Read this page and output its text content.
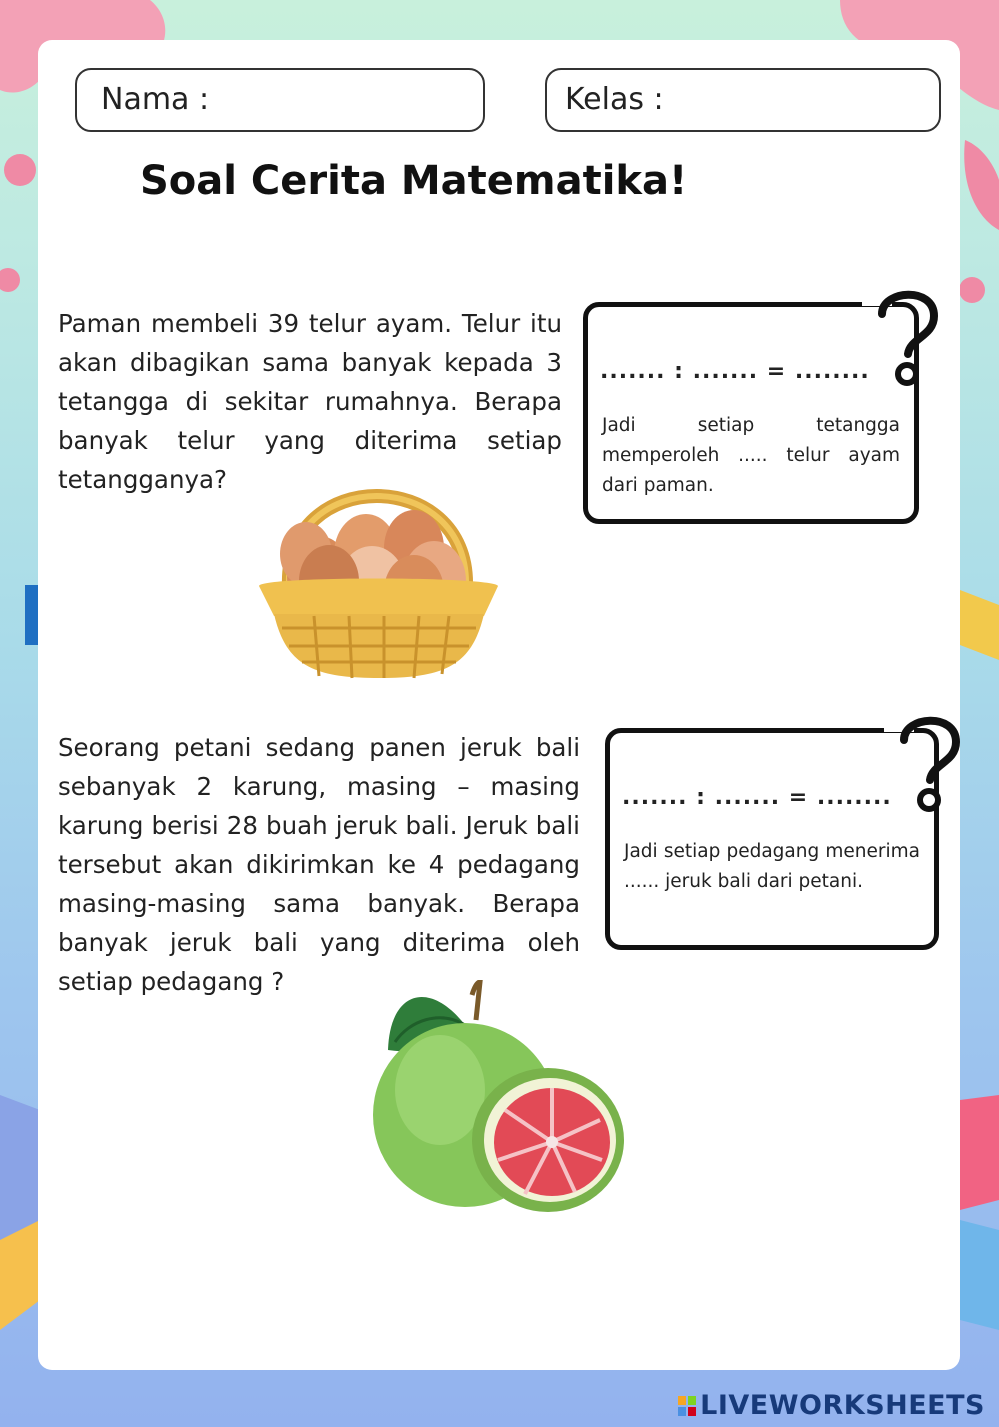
Nama :	Kelas :
Soal Cerita Matematika!
Paman membeli 39 telur ayam. Telur itu akan dibagikan sama banyak kepada 3 tetangga di sekitar rumahnya. Berapa banyak telur yang diterima setiap tetangganya?
....... : ....... = ........
Jadi setiap tetangga memperoleh ..... telur ayam dari paman.
Seorang petani sedang panen jeruk bali sebanyak 2 karung, masing – masing karung berisi 28 buah jeruk bali. Jeruk bali tersebut akan dikirimkan ke 4 pedagang masing-masing sama banyak. Berapa banyak jeruk bali yang diterima oleh setiap pedagang ?
....... : ....... = ........
Jadi setiap pedagang menerima ...... jeruk bali dari petani.
LIVEWORKSHEETS
